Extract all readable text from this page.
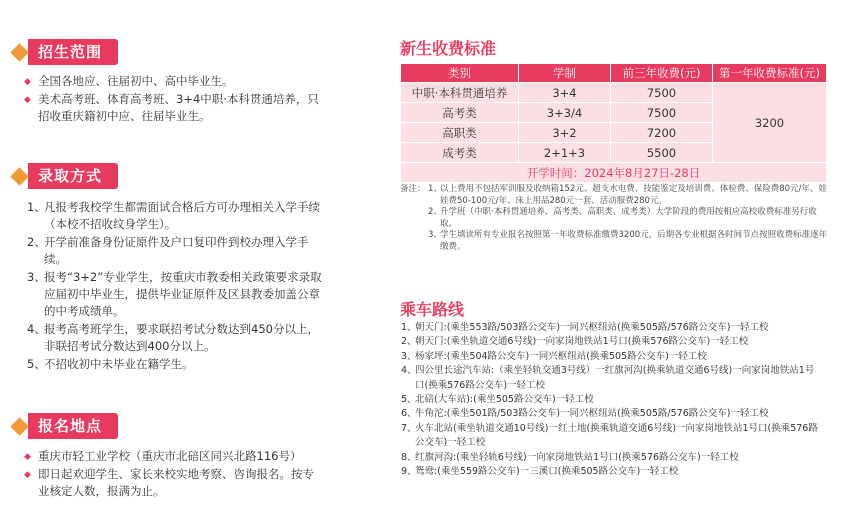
招生范围
◆ 全国各地应、往届初中、高中毕业生。
◆ 美术高考班、体育高考班、3+4中职·本科贯通培养，只招收重庆籍初中应、往届毕业生。
录取方式
1、
凡报考我校学生都需面试合格后方可办理相关入学手续（本校不招收纹身学生）。
2、
开学前准备身份证原件及户口复印件到校办理入学手续。
3、
报考“3+2”专业学生，按重庆市教委相关政策要求录取应届初中毕业生，提供毕业证原件及区县教委加盖公章的中考成绩单。
4、
报考高考班学生，要求联招考试分数达到450分以上，非联招考试分数达到400分以上。
5、
不招收初中未毕业在籍学生。
报名地点
◆ 重庆市轻工业学校（重庆市北碚区同兴北路116号）
◆ 即日起欢迎学生、家长来校实地考察、咨询报名。按专业核定人数，报满为止。
新生收费标准
类别	学制	前三年收费(元)	第一年收费标准(元)
中职·本科贯通培养	3+4	7500	3200
高考类	3+3/4	7500	
高职类	3+2	7200	
成考类	2+1+3	5500	
开学时间：2024年8月27日-28日			
备注： 1、
以上费用不包括军训服及收纳箱152元、超支水电费、技能鉴定及培训费、体检费、保险费80元/年、娃娃费50-100元/年、床上用品280元一套、活动服费280元。
2、
升学班（中职·本科贯通培养、高考类、高职类、成考类）大学阶段的费用按相应高校收费标准另行收取。
3、
学生填读所有专业报名按照第一年收费标准缴费3200元，后期各专业根据各时间节点按照收费标准逐年缴费。
乘车路线
1、
朝天门:(乘坐553路/503路公交车)一同兴枢纽站(换乘505路/576路公交车)一轻工校
2、
朝天门:(乘坐轨道交通6号线)一向家岗地铁站1号口(换乘576路公交车)一轻工校
3、
杨家坪:(乘坐504路公交车)一同兴枢纽站(换乘505路公交车)一轻工校
4、
四公里长途汽车站:（乘坐轻轨交通3号线）一红旗河沟(换乘轨道交通6号线)一向家岗地铁站1号口(换乘576路公交车)一轻工校
5、
北碚(大车站):(乘坐505路公交车)一轻工校
6、
牛角沱:(乘坐501路/503路公交车)一同兴枢纽站(换乘505路/576路公交车)一轻工校
7、
火车北站(乘坐轨道交通10号线)一红土地(换乘轨道交通6号线)一向家岗地铁站1号口(换乘576路公交车)一轻工校
8、
红旗河沟:(乘坐轻轨6号线)一向家岗地铁站1号口(换乘576路公交车)一轻工校
9、
鸳鸯:(乘坐559路公交车)一三溪口(换乘505路公交车)一轻工校
